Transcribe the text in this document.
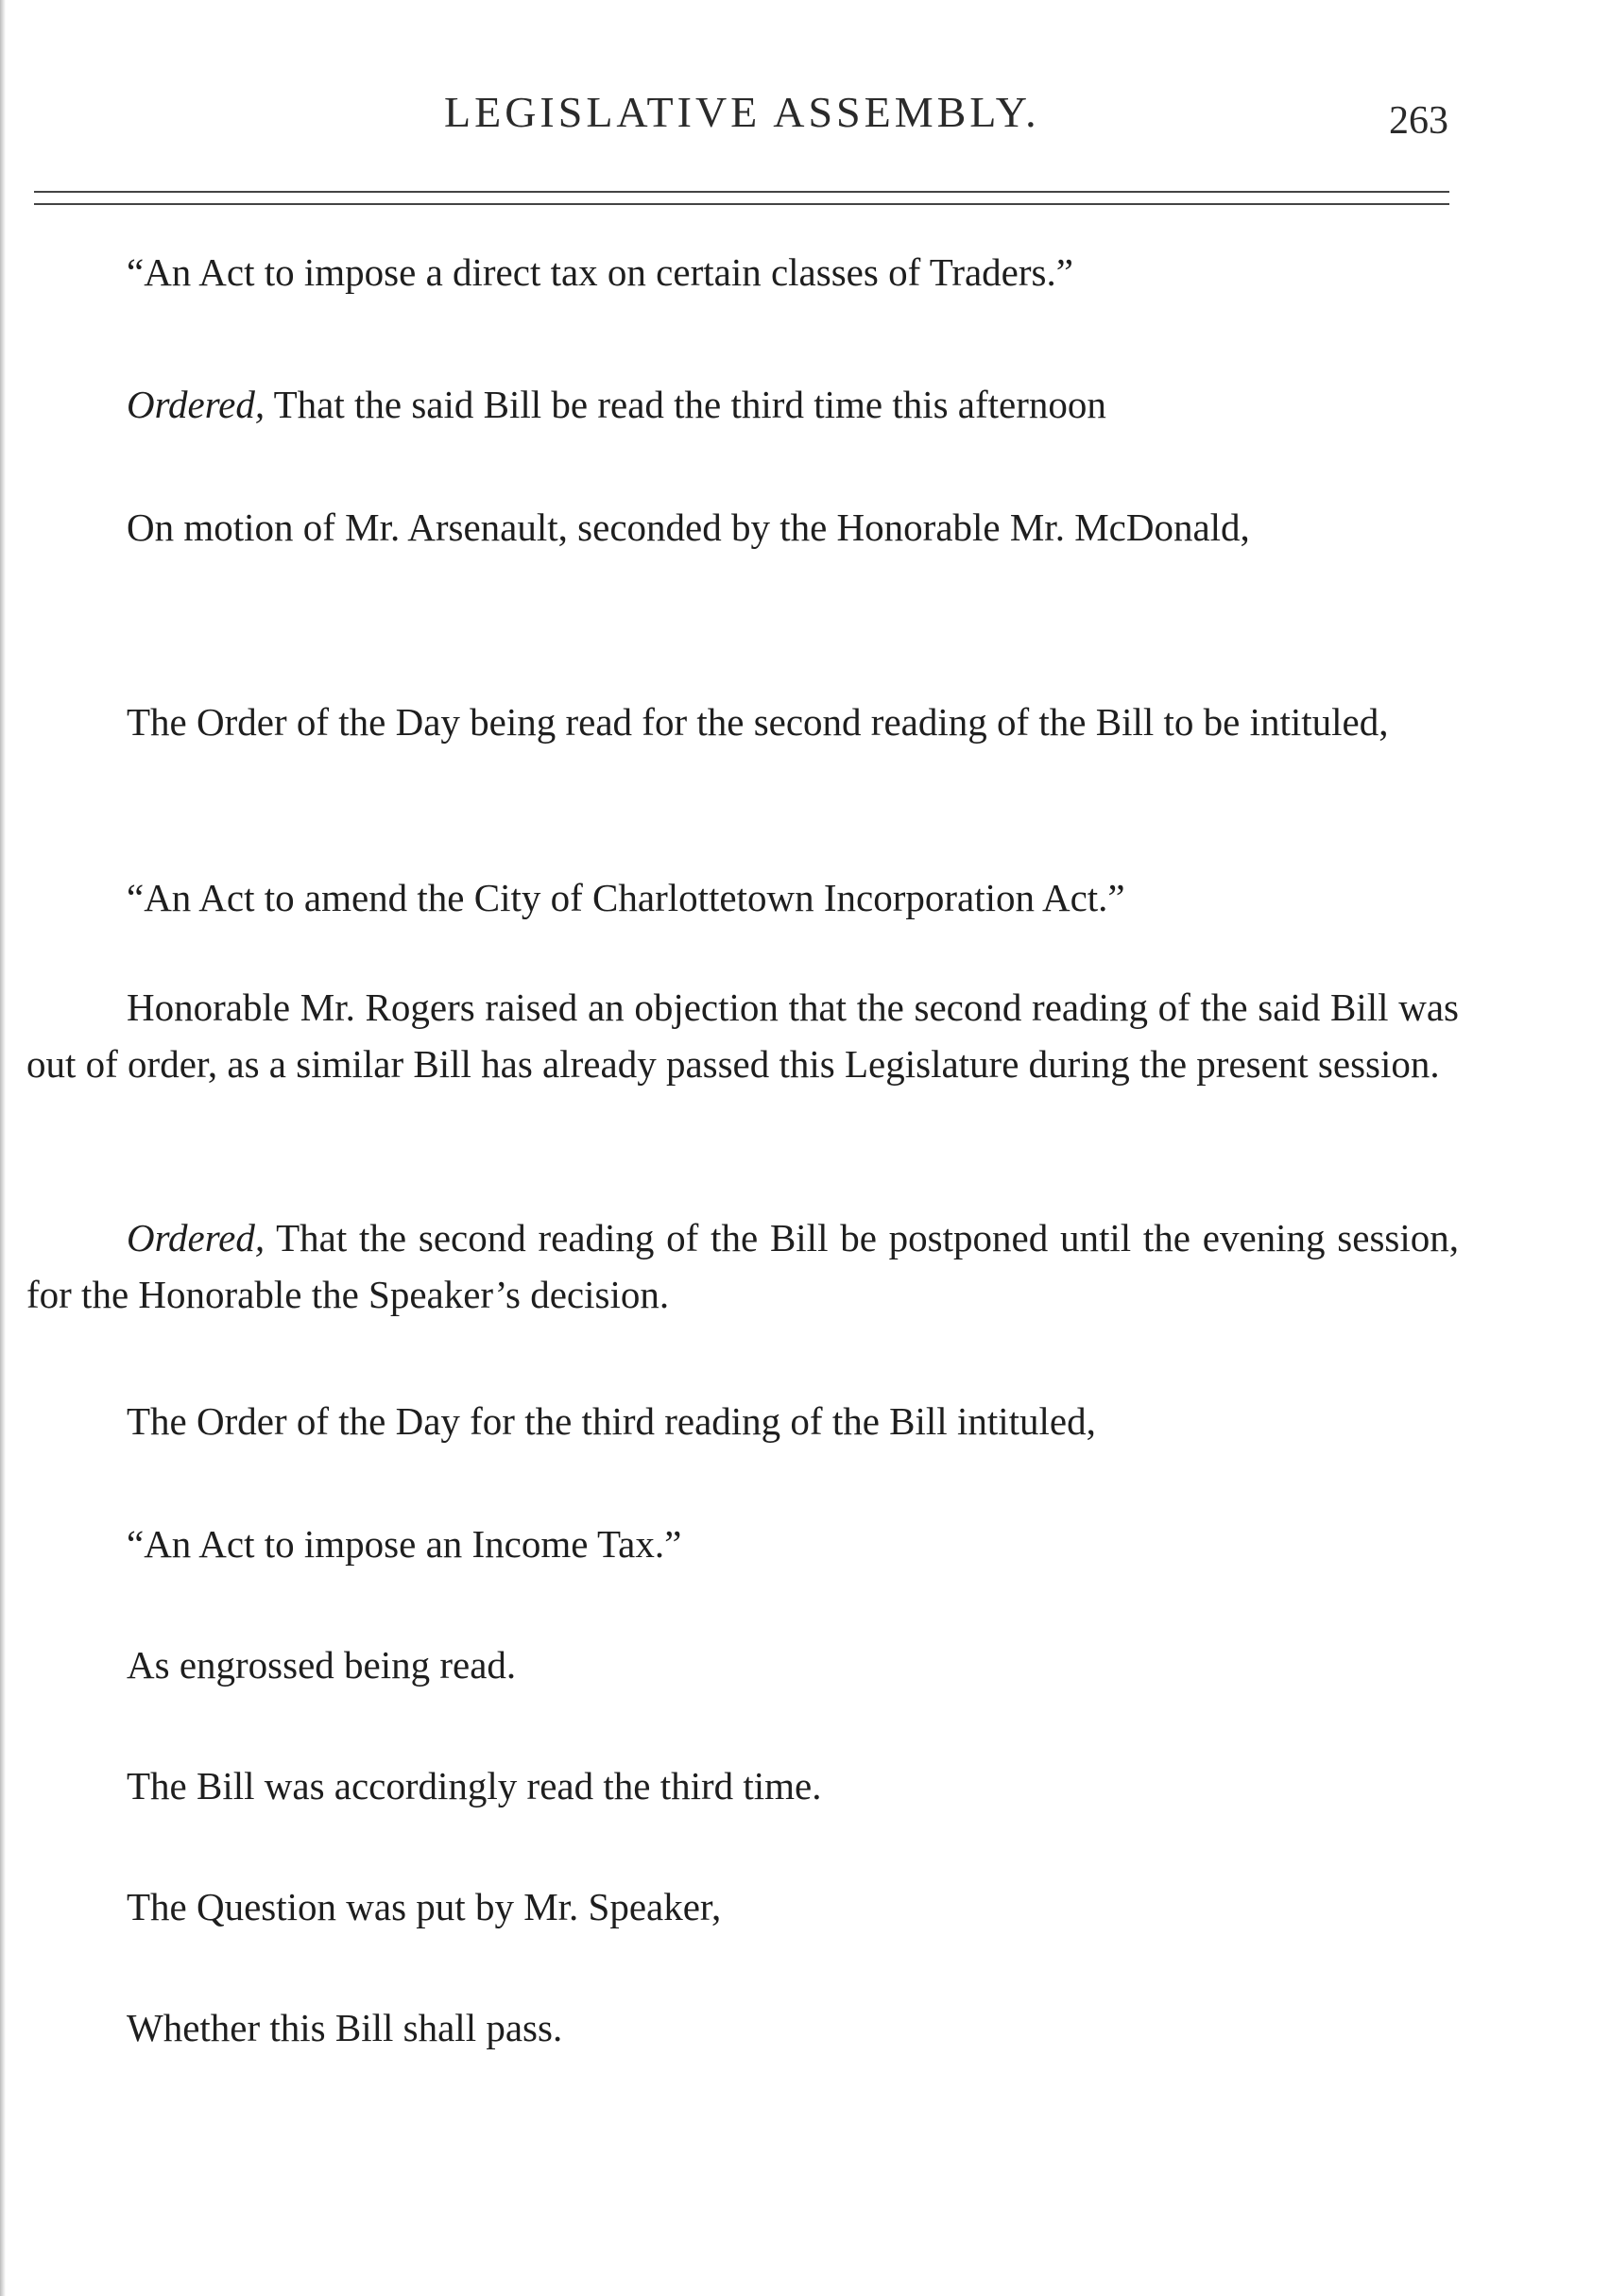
LEGISLATIVE ASSEMBLY.	263
“An Act to impose a direct tax on certain classes of Traders.”
Ordered, That the said Bill be read the third time this afternoon
On motion of Mr. Arsenault, seconded by the Honorable Mr. McDonald,
The Order of the Day being read for the second reading of the Bill to be intituled,
“An Act to amend the City of Charlottetown Incorporation Act.”
Honorable Mr. Rogers raised an objection that the second reading of the said Bill was out of order, as a similar Bill has already passed this Legislature during the present session.
Ordered, That the second reading of the Bill be postponed until the evening session, for the Honorable the Speaker’s decision.
The Order of the Day for the third reading of the Bill intituled,
“An Act to impose an Income Tax.”
As engrossed being read.
The Bill was accordingly read the third time.
The Question was put by Mr. Speaker,
Whether this Bill shall pass.
